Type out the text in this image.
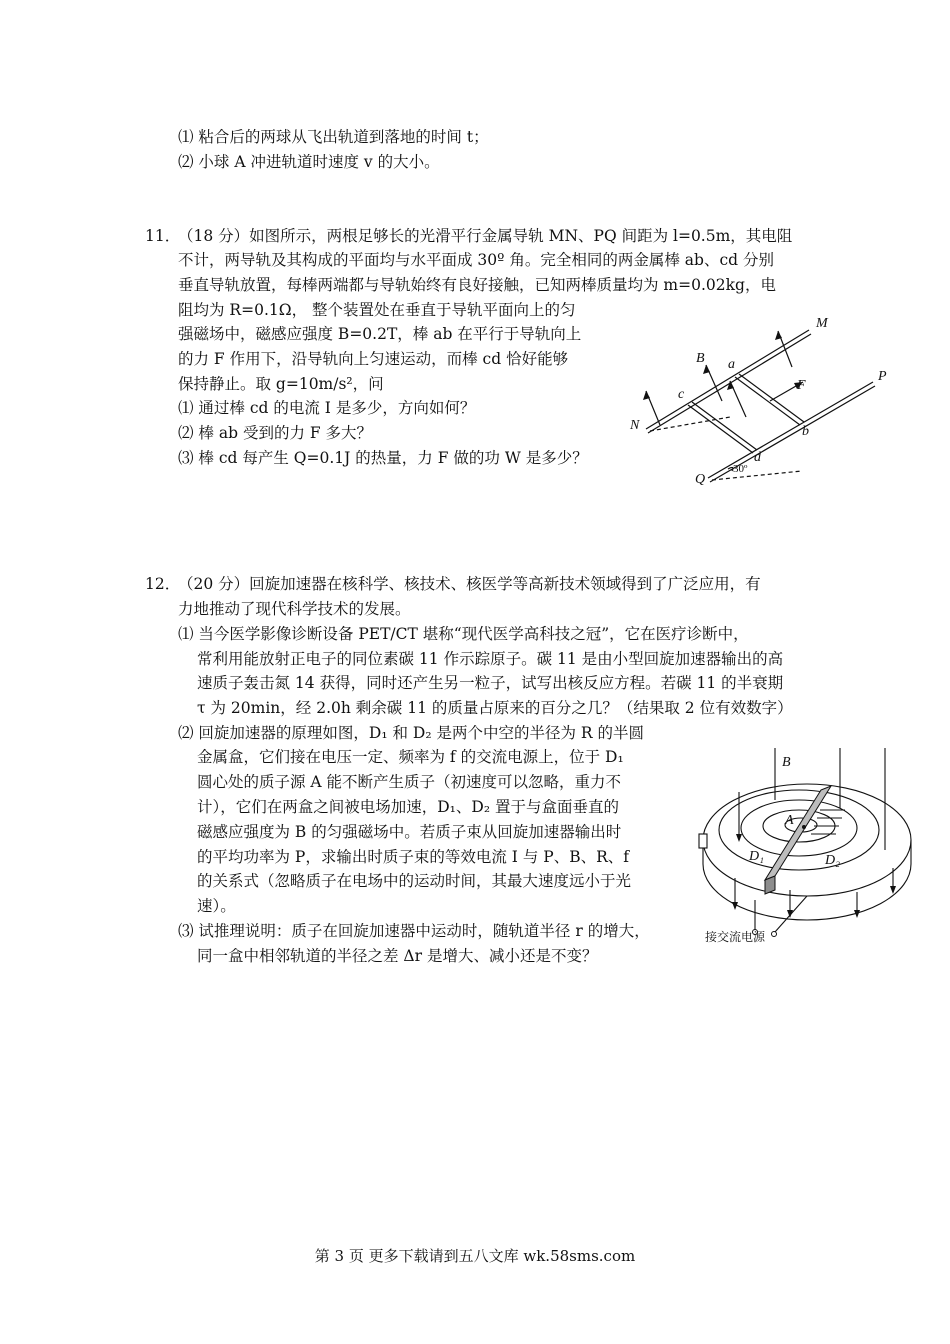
⑴ 粘合后的两球从飞出轨道到落地的时间 t；
⑵ 小球 A 冲进轨道时速度 v 的大小。
11．
（18 分）如图所示，两根足够长的光滑平行金属导轨 MN、PQ 间距为 l=0.5m，其电阻
不计，两导轨及其构成的平面均与水平面成 30º 角。完全相同的两金属棒 ab、cd 分别
垂直导轨放置，每棒两端都与导轨始终有良好接触，已知两棒质量均为 m=0.02kg，电
阻均为 R=0.1Ω， 整个装置处在垂直于导轨平面向上的匀
强磁场中，磁感应强度 B=0.2T，棒 ab 在平行于导轨向上
的力 F 作用下，沿导轨向上匀速运动，而棒 cd 恰好能够
保持静止。取 g=10m/s²，问
⑴ 通过棒 cd 的电流 I 是多少，方向如何？
⑵ 棒 ab 受到的力 F 多大？
⑶ 棒 cd 每产生 Q=0.1J 的热量，力 F 做的功 W 是多少？
M
P
B a
F
c
N	b
d
Q
30º
12．
（20 分）回旋加速器在核科学、核技术、核医学等高新技术领域得到了广泛应用，有
力地推动了现代科学技术的发展。
⑴ 当今医学影像诊断设备 PET/CT 堪称“现代医学高科技之冠”，它在医疗诊断中，
常利用能放射正电子的同位素碳 11 作示踪原子。碳 11 是由小型回旋加速器输出的高
速质子轰击氮 14 获得，同时还产生另一粒子，试写出核反应方程。若碳 11 的半衰期
τ 为 20min，经 2.0h 剩余碳 11 的质量占原来的百分之几？（结果取 2 位有效数字）
⑵ 回旋加速器的原理如图，D₁ 和 D₂ 是两个中空的半径为 R 的半圆
金属盒，它们接在电压一定、频率为 f 的交流电源上，位于 D₁
圆心处的质子源 A 能不断产生质子（初速度可以忽略，重力不
计），它们在两盒之间被电场加速，D₁、D₂ 置于与盒面垂直的
磁感应强度为 B 的匀强磁场中。若质子束从回旋加速器输出时
的平均功率为 P，求输出时质子束的等效电流 I 与 P、B、R、f
的关系式（忽略质子在电场中的运动时间，其最大速度远小于光
速）。
⑶ 试推理说明：质子在回旋加速器中运动时，随轨道半径 r 的增大，
同一盒中相邻轨道的半径之差 Δr 是增大、减小还是不变？
B
A
D₁	D₂
接交流电源
第 3 页 更多下载请到五八文库 wk.58sms.com
